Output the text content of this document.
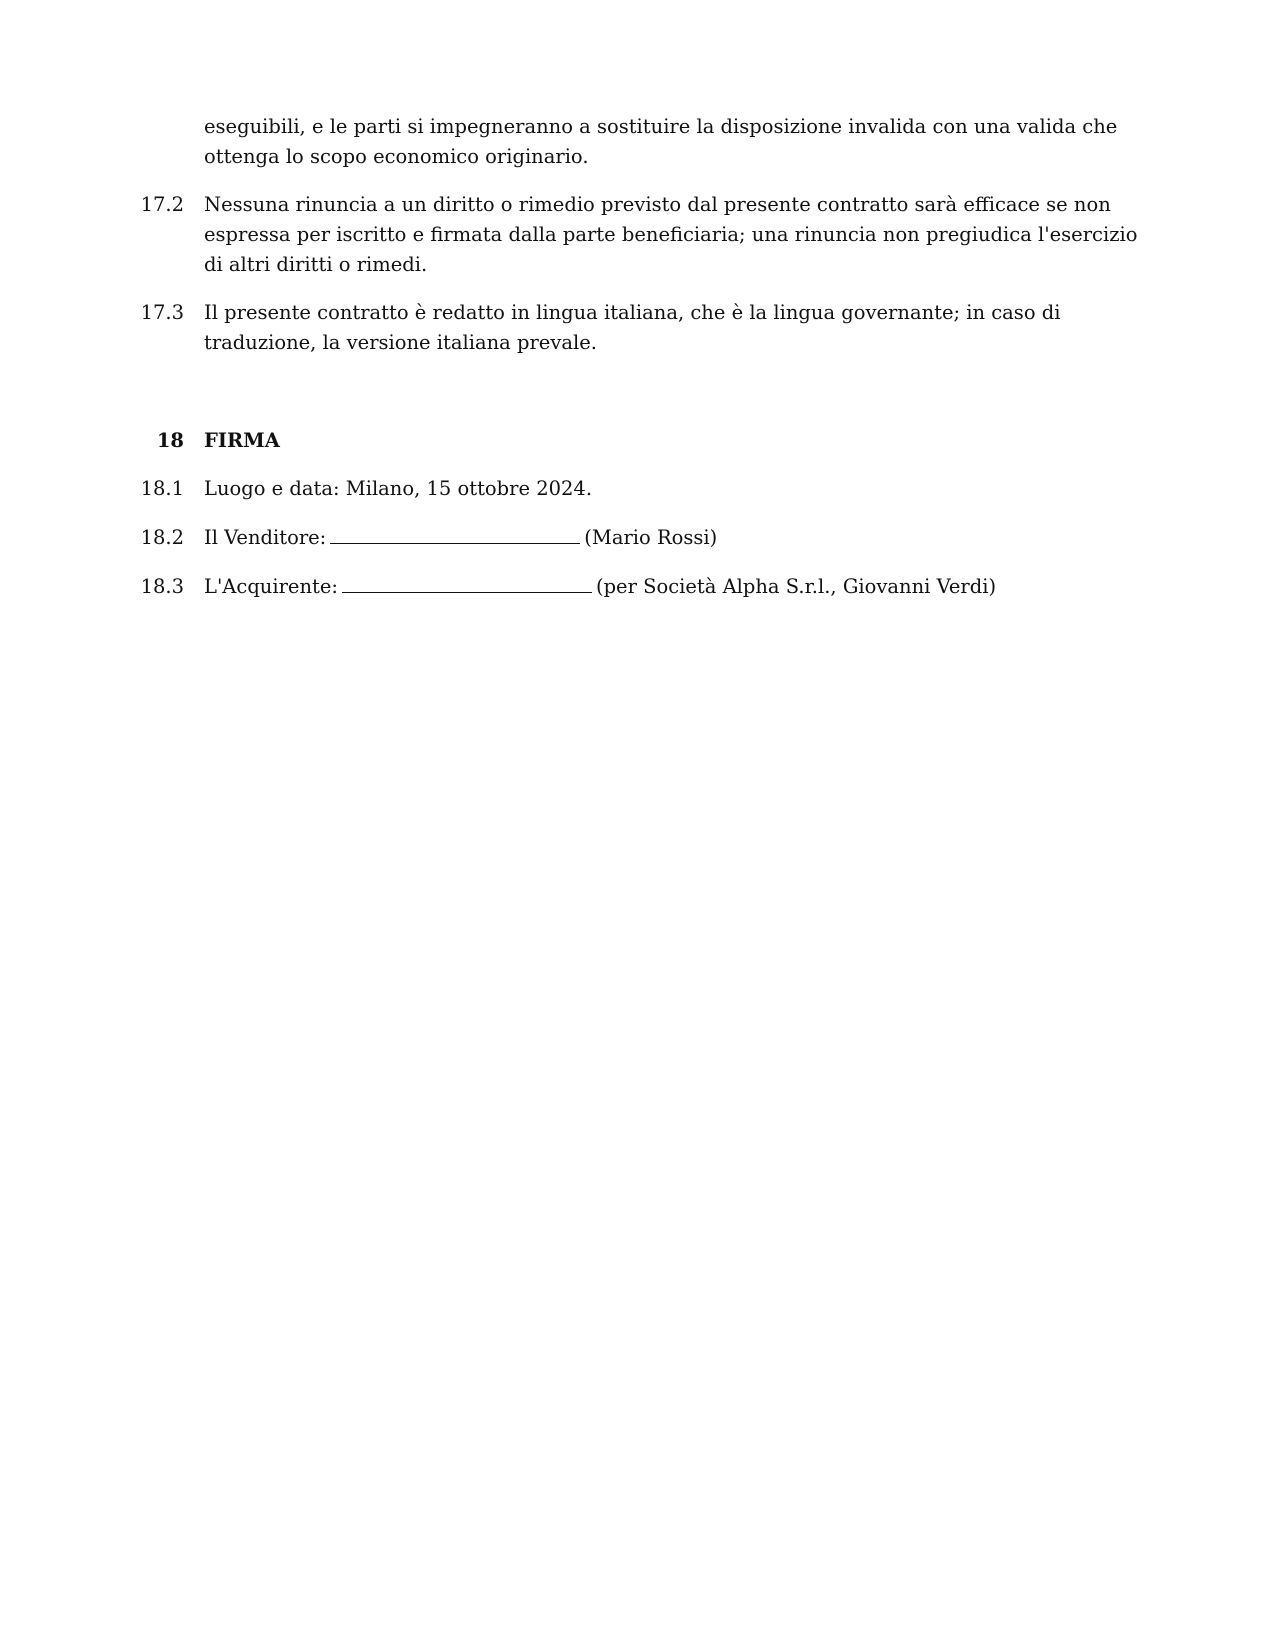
eseguibili, e le parti si impegneranno a sostituire la disposizione invalida con una valida che
ottenga lo scopo economico originario.
17.2 Nessuna rinuncia a un diritto o rimedio previsto dal presente contratto sarà efficace se non
espressa per iscritto e firmata dalla parte beneficiaria; una rinuncia non pregiudica l'esercizio
di altri diritti o rimedi.
17.3 Il presente contratto è redatto in lingua italiana, che è la lingua governante; in caso di
traduzione, la versione italiana prevale.
18 FIRMA
18.1 Luogo e data: Milano, 15 ottobre 2024.
18.2 Il Venditore:	(Mario Rossi)
18.3 L'Acquirente:	(per Società Alpha S.r.l., Giovanni Verdi)
